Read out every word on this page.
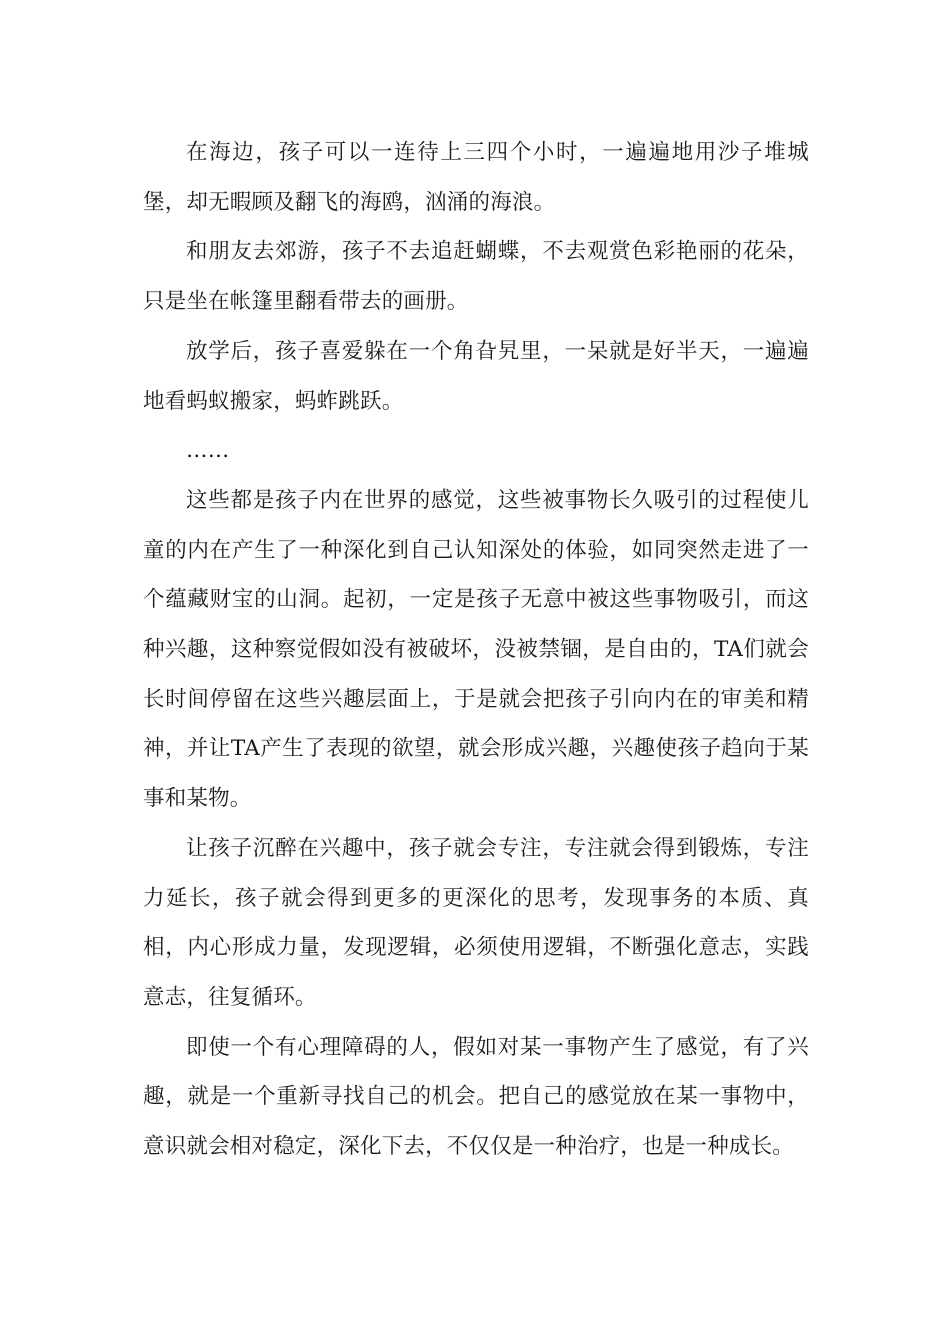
在海边，孩子可以一连待上三四个小时，一遍遍地用沙子堆城堡，却无暇顾及翻飞的海鸥，汹涌的海浪。

和朋友去郊游，孩子不去追赶蝴蝶，不去观赏色彩艳丽的花朵，只是坐在帐篷里翻看带去的画册。

放学后，孩子喜爱躲在一个角旮旯里，一呆就是好半天，一遍遍地看蚂蚁搬家，蚂蚱跳跃。

……

这些都是孩子内在世界的感觉，这些被事物长久吸引的过程使儿童的内在产生了一种深化到自己认知深处的体验，如同突然走进了一个蕴藏财宝的山洞。起初，一定是孩子无意中被这些事物吸引，而这种兴趣，这种察觉假如没有被破坏，没被禁锢，是自由的，TA们就会长时间停留在这些兴趣层面上，于是就会把孩子引向内在的审美和精神，并让TA产生了表现的欲望，就会形成兴趣，兴趣使孩子趋向于某事和某物。

让孩子沉醉在兴趣中，孩子就会专注，专注就会得到锻炼，专注力延长，孩子就会得到更多的更深化的思考，发现事务的本质、真相，内心形成力量，发现逻辑，必须使用逻辑，不断强化意志，实践意志，往复循环。

即使一个有心理障碍的人，假如对某一事物产生了感觉，有了兴趣，就是一个重新寻找自己的机会。把自己的感觉放在某一事物中，意识就会相对稳定，深化下去，不仅仅是一种治疗，也是一种成长。
